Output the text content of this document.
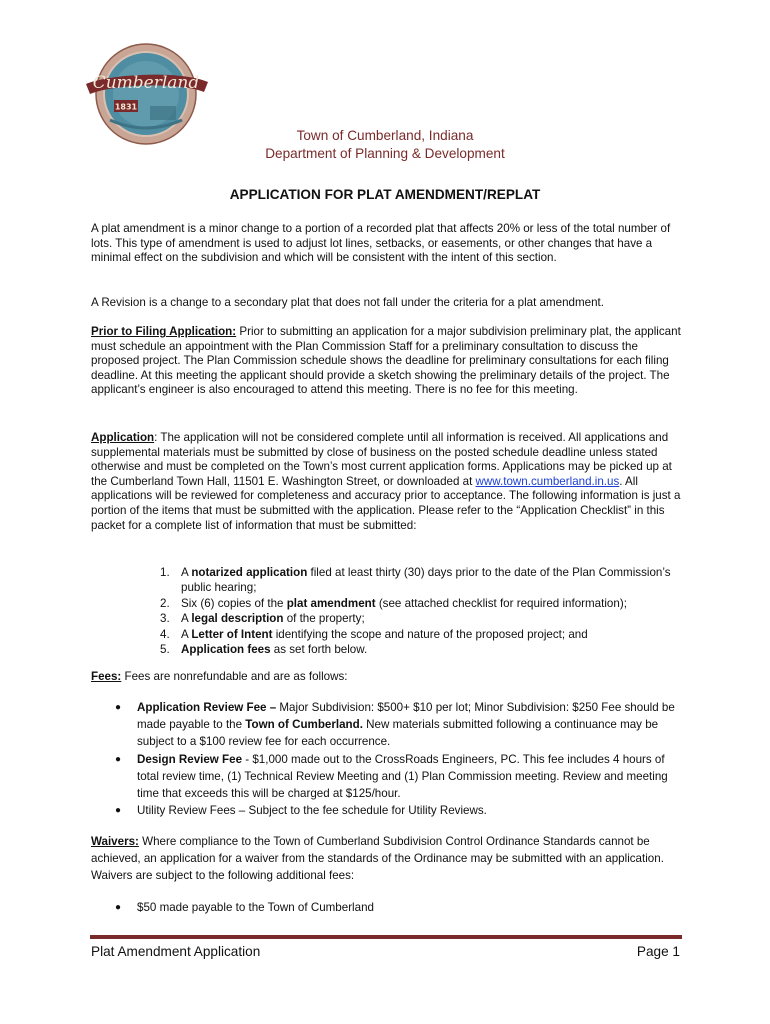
Cumberland
1831
Town of Cumberland, Indiana
Department of Planning & Development
APPLICATION FOR PLAT AMENDMENT/REPLAT

A plat amendment is a minor change to a portion of a recorded plat that affects 20% or less of the total number of lots. This type of amendment is used to adjust lot lines, setbacks, or easements, or other changes that have a minimal effect on the subdivision and which will be consistent with the intent of this section.

A Revision is a change to a secondary plat that does not fall under the criteria for a plat amendment.

Prior to Filing Application: Prior to submitting an application for a major subdivision preliminary plat, the applicant must schedule an appointment with the Plan Commission Staff for a preliminary consultation to discuss the proposed project. The Plan Commission schedule shows the deadline for preliminary consultations for each filing deadline. At this meeting the applicant should provide a sketch showing the preliminary details of the project. The applicant’s engineer is also encouraged to attend this meeting. There is no fee for this meeting.

Application: The application will not be considered complete until all information is received. All applications and supplemental materials must be submitted by close of business on the posted schedule deadline unless stated otherwise and must be completed on the Town’s most current application forms. Applications may be picked up at the Cumberland Town Hall, 11501 E. Washington Street, or downloaded at www.town.cumberland.in.us. All applications will be reviewed for completeness and accuracy prior to acceptance. The following information is just a portion of the items that must be submitted with the application. Please refer to the “Application Checklist” in this packet for a complete list of information that must be submitted:

1. A notarized application filed at least thirty (30) days prior to the date of the Plan Commission’s public hearing;
2. Six (6) copies of the plat amendment (see attached checklist for required information);
3. A legal description of the property;
4. A Letter of Intent identifying the scope and nature of the proposed project; and
5. Application fees as set forth below.

Fees: Fees are nonrefundable and are as follows:

● Application Review Fee – Major Subdivision: $500+ $10 per lot; Minor Subdivision: $250 Fee should be made payable to the Town of Cumberland. New materials submitted following a continuance may be subject to a $100 review fee for each occurrence.
● Design Review Fee - $1,000 made out to the CrossRoads Engineers, PC. This fee includes 4 hours of total review time, (1) Technical Review Meeting and (1) Plan Commission meeting. Review and meeting time that exceeds this will be charged at $125/hour.
● Utility Review Fees – Subject to the fee schedule for Utility Reviews.

Waivers: Where compliance to the Town of Cumberland Subdivision Control Ordinance Standards cannot be achieved, an application for a waiver from the standards of the Ordinance may be submitted with an application. Waivers are subject to the following additional fees:

● $50 made payable to the Town of Cumberland
Plat Amendment Application	Page 1
